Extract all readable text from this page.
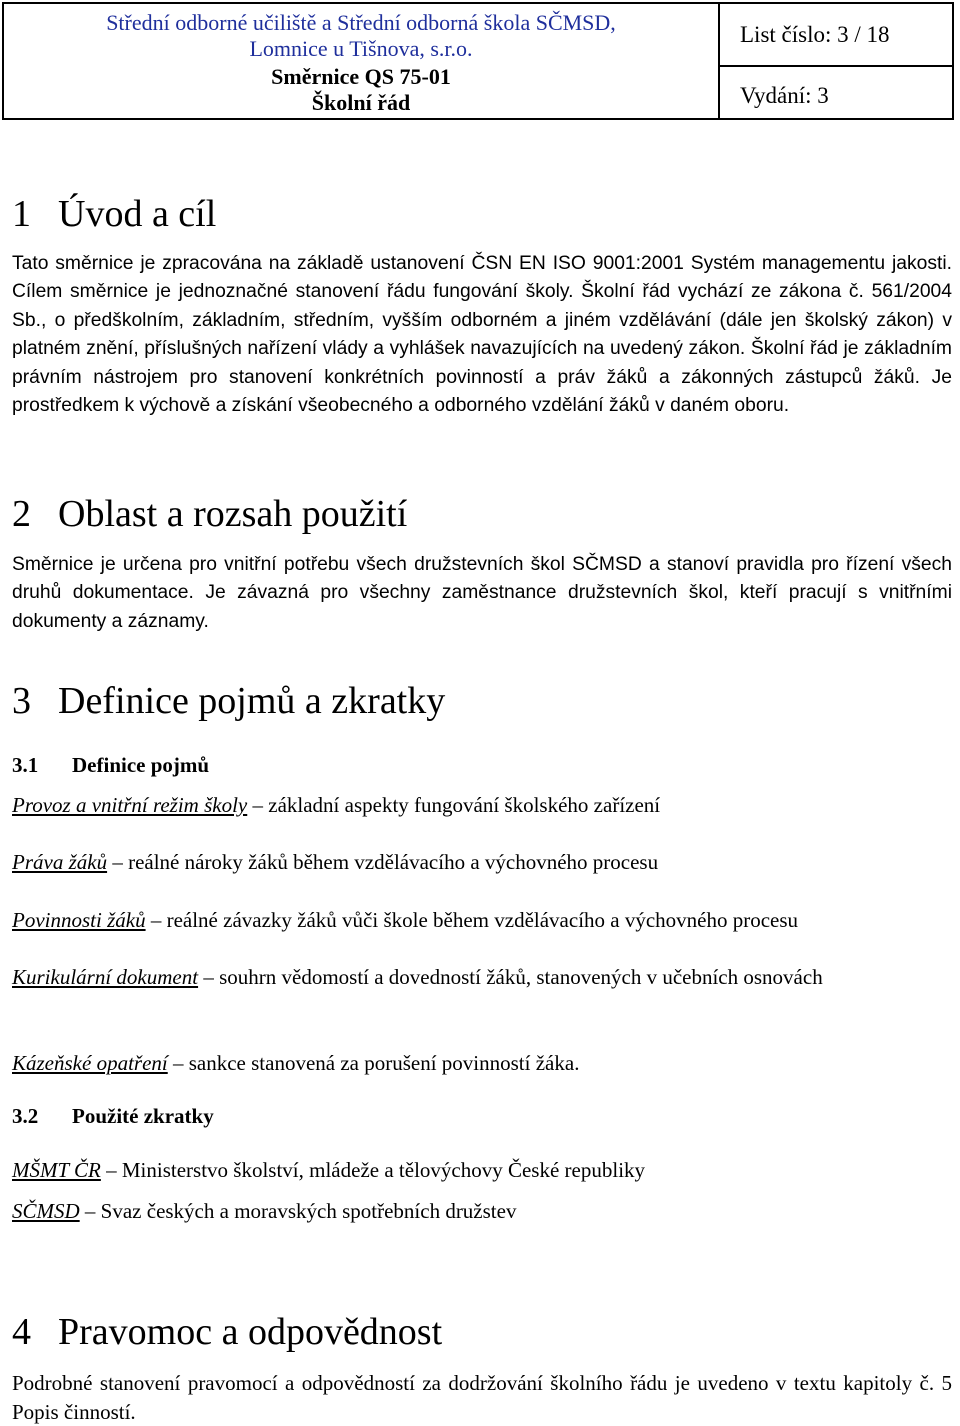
Střední odborné učiliště a Střední odborná škola SČMSD,
Lomnice u Tišnova, s.r.o.
Směrnice QS 75-01
Školní řád
List číslo: 3 / 18
Vydání: 3
1 Úvod a cíl
Tato směrnice je zpracována na základě ustanovení ČSN EN ISO 9001:2001 Systém managementu jakosti. Cílem směrnice je jednoznačné stanovení řádu fungování školy. Školní řád vychází ze zákona č. 561/2004 Sb., o předškolním, základním, středním, vyšším odborném a jiném vzdělávání (dále jen školský zákon) v platném znění, příslušných nařízení vlády a vyhlášek navazujících na uvedený zákon. Školní řád je základním právním nástrojem pro stanovení konkrétních povinností a práv žáků a zákonných zástupců žáků. Je prostředkem k výchově a získání všeobecného a odborného vzdělání žáků v daném oboru.
2 Oblast a rozsah použití
Směrnice je určena pro vnitřní potřebu všech družstevních škol SČMSD a stanoví pravidla pro řízení všech druhů dokumentace. Je závazná pro všechny zaměstnance družstevních škol, kteří pracují s vnitřními dokumenty a záznamy.
3 Definice pojmů a zkratky
3.1 Definice pojmů
Provoz a vnitřní režim školy – základní aspekty fungování školského zařízení
Práva žáků – reálné nároky žáků během vzdělávacího a výchovného procesu
Povinnosti žáků – reálné závazky žáků vůči škole během vzdělávacího a výchovného procesu
Kurikulární dokument – souhrn vědomostí a dovedností žáků, stanovených v učebních osnovách
Kázeňské opatření – sankce stanovená za porušení povinností žáka.
3.2 Použité zkratky
MŠMT ČR – Ministerstvo školství, mládeže a tělovýchovy České republiky
SČMSD – Svaz českých a moravských spotřebních družstev
4 Pravomoc a odpovědnost
Podrobné stanovení pravomocí a odpovědností za dodržování školního řádu je uvedeno v textu kapitoly č. 5 Popis činností.
